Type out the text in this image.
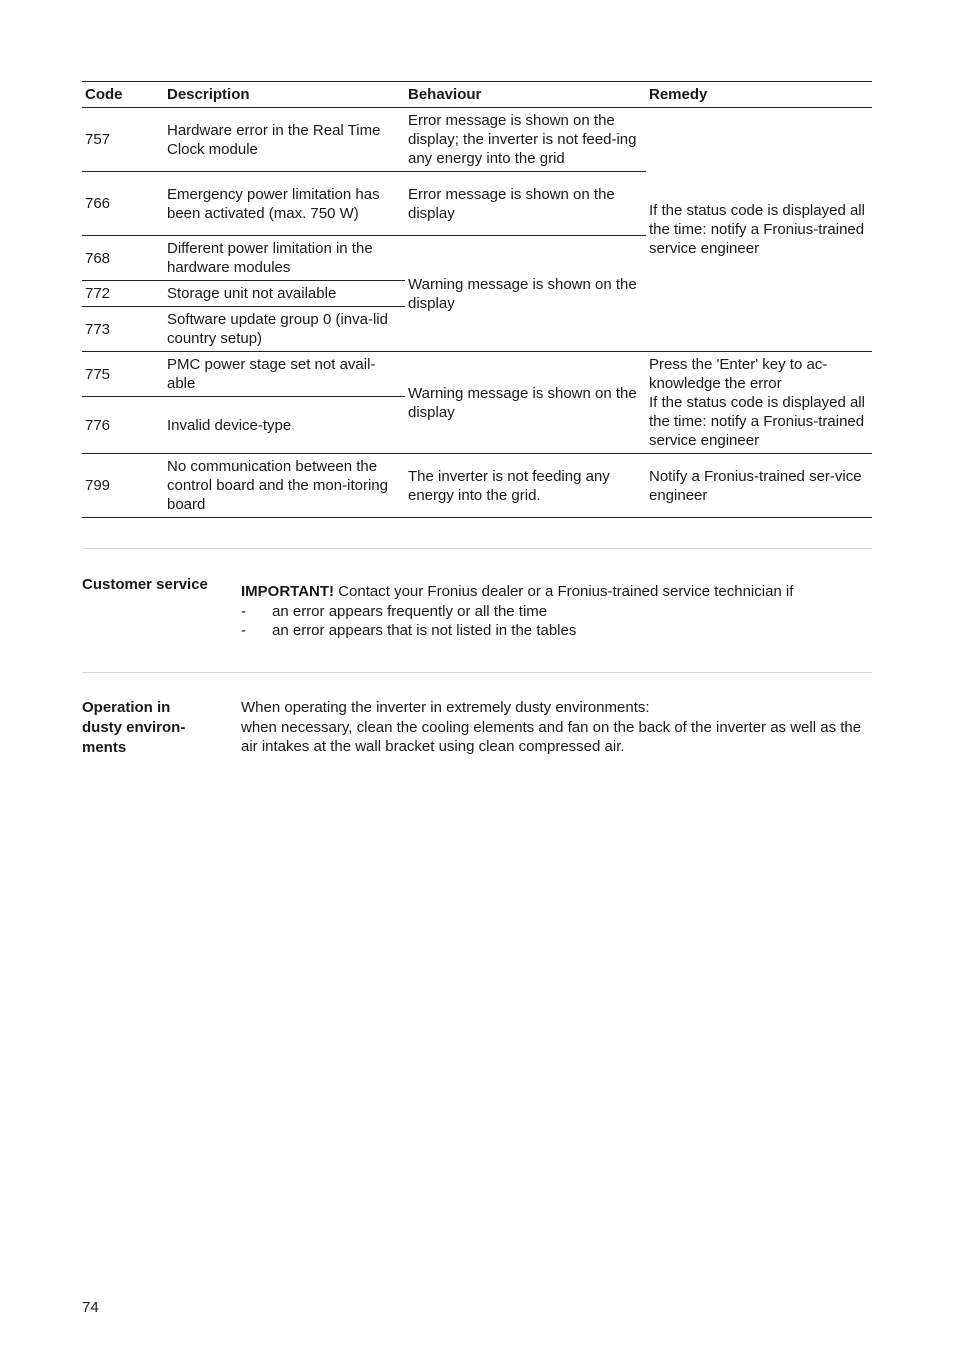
Code	Description	Behaviour	Remedy
757	Hardware error in the Real Time Clock module	Error message is shown on the display; the inverter is not feed-ing any energy into the grid	If the status code is displayed all the time: notify a Fronius-trained service engineer
766	Emergency power limitation has been activated (max. 750 W)	Error message is shown on the display	
768	Different power limitation in the hardware modules	Warning message is shown on the display	
772	Storage unit not available		
773	Software update group 0 (inva-lid country setup)		
775	PMC power stage set not avail-able	Warning message is shown on the display	Press the 'Enter' key to ac-knowledge the error
If the status code is displayed all the time: notify a Fronius-trained service engineer

776	Invalid device-type		
799	No communication between the control board and the mon-itoring board	The inverter is not feeding any energy into the grid.	Notify a Fronius-trained ser-vice engineer
Customer service	IMPORTANT! Contact your Fronius dealer or a Fronius-trained service technician if
-	an error appears frequently or all the time
-	an error appears that is not listed in the tables
Operation in dusty environ-ments
When operating the inverter in extremely dusty environments:
when necessary, clean the cooling elements and fan on the back of the inverter as well as the air intakes at the wall bracket using clean compressed air.
74
